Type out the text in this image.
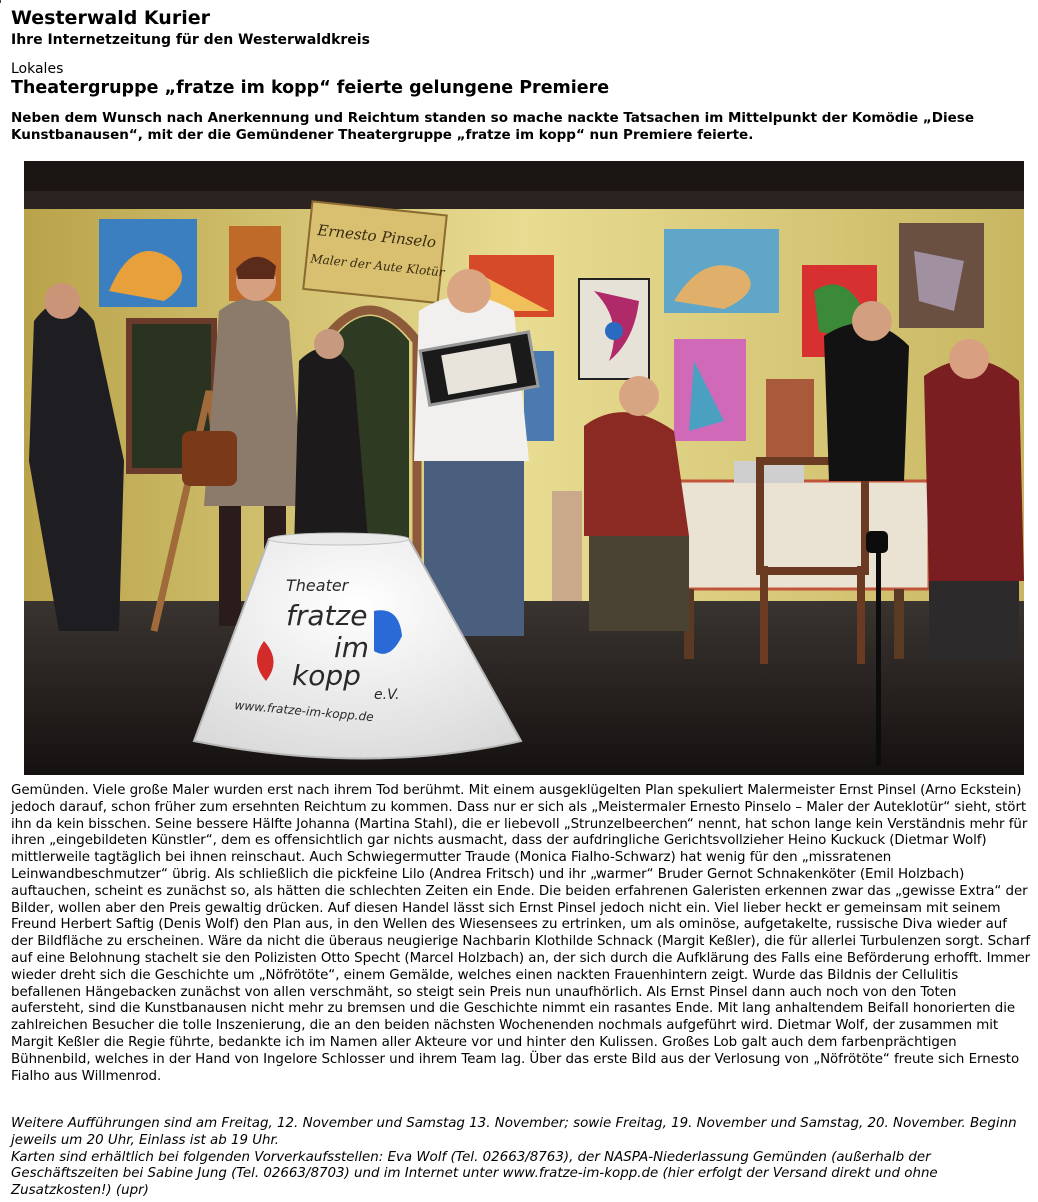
Westerwald Kurier
Ihre Internetzeitung für den Westerwaldkreis
Lokales
Theatergruppe „fratze im kopp“ feierte gelungene Premiere

Neben dem Wunsch nach Anerkennung und Reichtum standen so mache nackte Tatsachen im Mittelpunkt der Komödie „Diese Kunstbanausen“, mit der die Gemündener Theatergruppe „fratze im kopp“ nun Premiere feierte.

Ernesto Pinselo
Maler der Aute Klotür
Theater
fratze
im
kopp
e.V.
www.fratze-im-kopp.de

Gemünden. Viele große Maler wurden erst nach ihrem Tod berühmt. Mit einem ausgeklügelten Plan spekuliert Malermeister Ernst Pinsel (Arno Eckstein) jedoch darauf, schon früher zum ersehnten Reichtum zu kommen. Dass nur er sich als „Meistermaler Ernesto Pinselo – Maler der Auteklotür“ sieht, stört ihn da kein bisschen. Seine bessere Hälfte Johanna (Martina Stahl), die er liebevoll „Strunzelbeerchen“ nennt, hat schon lange kein Verständnis mehr für ihren „eingebildeten Künstler“, dem es offensichtlich gar nichts ausmacht, dass der aufdringliche Gerichtsvollzieher Heino Kuckuck (Dietmar Wolf) mittlerweile tagtäglich bei ihnen reinschaut. Auch Schwiegermutter Traude (Monica Fialho-Schwarz) hat wenig für den „missratenen Leinwandbeschmutzer“ übrig. Als schließlich die pickfeine Lilo (Andrea Fritsch) und ihr „warmer“ Bruder Gernot Schnakenköter (Emil Holzbach) auftauchen, scheint es zunächst so, als hätten die schlechten Zeiten ein Ende. Die beiden erfahrenen Galeristen erkennen zwar das „gewisse Extra“ der Bilder, wollen aber den Preis gewaltig drücken. Auf diesen Handel lässt sich Ernst Pinsel jedoch nicht ein. Viel lieber heckt er gemeinsam mit seinem Freund Herbert Saftig (Denis Wolf) den Plan aus, in den Wellen des Wiesensees zu ertrinken, um als ominöse, aufgetakelte, russische Diva wieder auf der Bildfläche zu erscheinen. Wäre da nicht die überaus neugierige Nachbarin Klothilde Schnack (Margit Keßler), die für allerlei Turbulenzen sorgt. Scharf auf eine Belohnung stachelt sie den Polizisten Otto Specht (Marcel Holzbach) an, der sich durch die Aufklärung des Falls eine Beförderung erhofft. Immer wieder dreht sich die Geschichte um „Nöfrötöte“, einem Gemälde, welches einen nackten Frauenhintern zeigt. Wurde das Bildnis der Cellulitis befallenen Hängebacken zunächst von allen verschmäht, so steigt sein Preis nun unaufhörlich. Als Ernst Pinsel dann auch noch von den Toten aufersteht, sind die Kunstbanausen nicht mehr zu bremsen und die Geschichte nimmt ein rasantes Ende. Mit lang anhaltendem Beifall honorierten die zahlreichen Besucher die tolle Inszenierung, die an den beiden nächsten Wochenenden nochmals aufgeführt wird. Dietmar Wolf, der zusammen mit Margit Keßler die Regie führte, bedankte ich im Namen aller Akteure vor und hinter den Kulissen. Großes Lob galt auch dem farbenprächtigen Bühnenbild, welches in der Hand von Ingelore Schlosser und ihrem Team lag. Über das erste Bild aus der Verlosung von „Nöfrötöte“ freute sich Ernesto Fialho aus Willmenrod.

Weitere Aufführungen sind am Freitag, 12. November und Samstag 13. November; sowie Freitag, 19. November und Samstag, 20. November. Beginn jeweils um 20 Uhr, Einlass ist ab 19 Uhr.

Karten sind erhältlich bei folgenden Vorverkaufsstellen: Eva Wolf (Tel. 02663/8763), der NASPA-Niederlassung Gemünden (außerhalb der Geschäftszeiten bei Sabine Jung (Tel. 02663/8703) und im Internet unter www.fratze-im-kopp.de (hier erfolgt der Versand direkt und ohne Zusatzkosten!) (upr)
